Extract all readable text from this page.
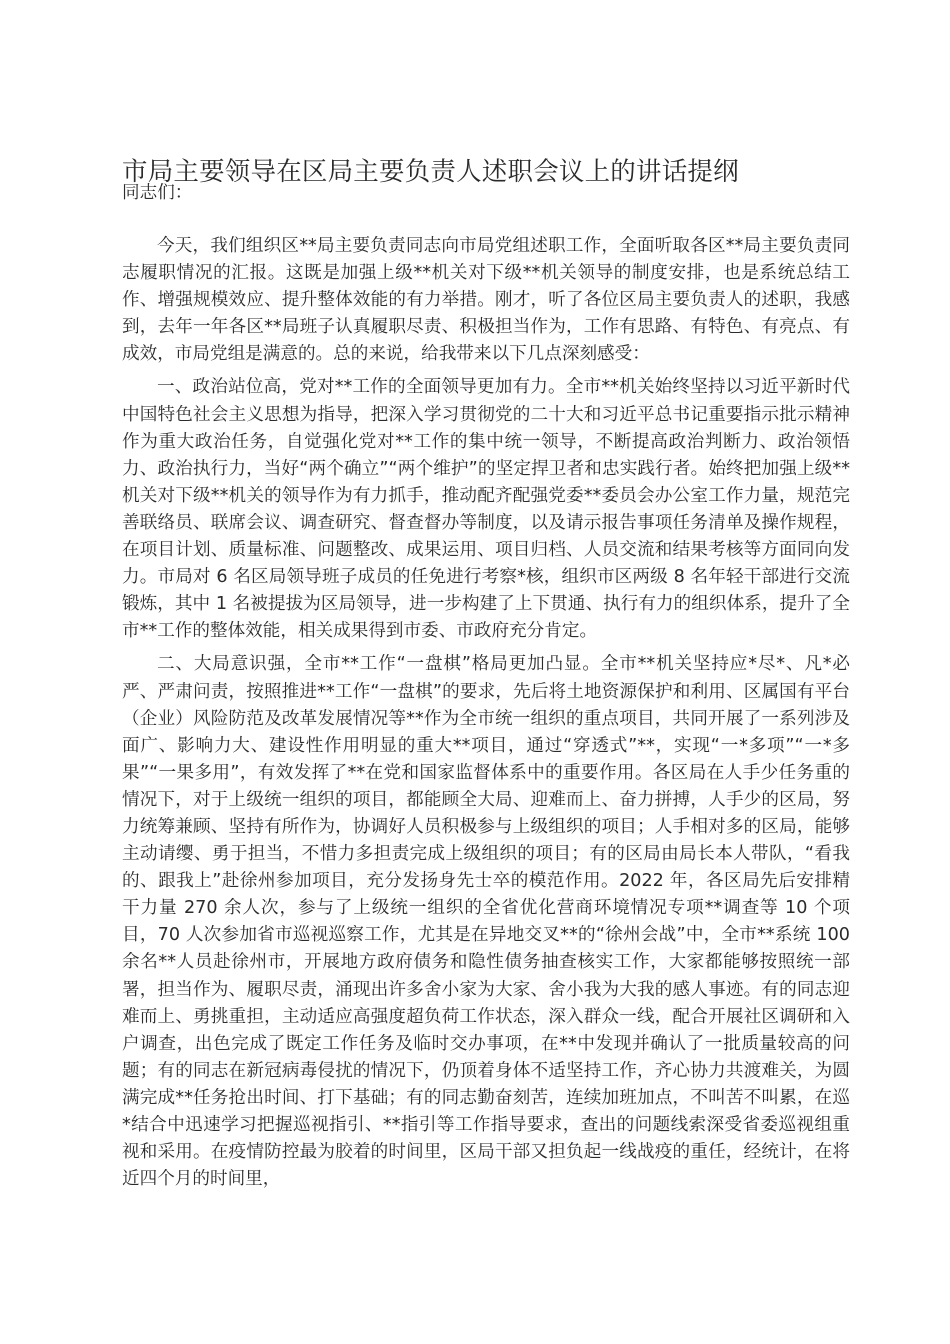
市局主要领导在区局主要负责人述职会议上的讲话提纲
同志们：

今天，我们组织区**局主要负责同志向市局党组述职工作，全面听取各区**局主要负责同志履职情况的汇报。这既是加强上级**机关对下级**机关领导的制度安排，也是系统总结工作、增强规模效应、提升整体效能的有力举措。刚才，听了各位区局主要负责人的述职，我感到，去年一年各区**局班子认真履职尽责、积极担当作为，工作有思路、有特色、有亮点、有成效，市局党组是满意的。总的来说，给我带来以下几点深刻感受：

一、政治站位高，党对**工作的全面领导更加有力。全市**机关始终坚持以习近平新时代中国特色社会主义思想为指导，把深入学习贯彻党的二十大和习近平总书记重要指示批示精神作为重大政治任务，自觉强化党对**工作的集中统一领导，不断提高政治判断力、政治领悟力、政治执行力，当好“两个确立”“两个维护”的坚定捍卫者和忠实践行者。始终把加强上级**机关对下级**机关的领导作为有力抓手，推动配齐配强党委**委员会办公室工作力量，规范完善联络员、联席会议、调查研究、督查督办等制度，以及请示报告事项任务清单及操作规程，在项目计划、质量标准、问题整改、成果运用、项目归档、人员交流和结果考核等方面同向发力。市局对 6 名区局领导班子成员的任免进行考察*核，组织市区两级 8 名年轻干部进行交流锻炼，其中 1 名被提拔为区局领导，进一步构建了上下贯通、执行有力的组织体系，提升了全市**工作的整体效能，相关成果得到市委、市政府充分肯定。

二、大局意识强，全市**工作“一盘棋”格局更加凸显。全市**机关坚持应*尽*、凡*必严、严肃问责，按照推进**工作“一盘棋”的要求，先后将土地资源保护和利用、区属国有平台（企业）风险防范及改革发展情况等**作为全市统一组织的重点项目，共同开展了一系列涉及面广、影响力大、建设性作用明显的重大**项目，通过“穿透式”**，实现“一*多项”“一*多果”“一果多用”，有效发挥了**在党和国家监督体系中的重要作用。各区局在人手少任务重的情况下，对于上级统一组织的项目，都能顾全大局、迎难而上、奋力拼搏，人手少的区局，努力统筹兼顾、坚持有所作为，协调好人员积极参与上级组织的项目；人手相对多的区局，能够主动请缨、勇于担当，不惜力多担责完成上级组织的项目；有的区局由局长本人带队，“看我的、跟我上”赴徐州参加项目，充分发扬身先士卒的模范作用。2022 年，各区局先后安排精干力量 270 余人次，参与了上级统一组织的全省优化营商环境情况专项**调查等 10 个项目，70 人次参加省市巡视巡察工作，尤其是在异地交叉**的“徐州会战”中，全市**系统 100 余名**人员赴徐州市，开展地方政府债务和隐性债务抽查核实工作，大家都能够按照统一部署，担当作为、履职尽责，涌现出许多舍小家为大家、舍小我为大我的感人事迹。有的同志迎难而上、勇挑重担，主动适应高强度超负荷工作状态，深入群众一线，配合开展社区调研和入户调查，出色完成了既定工作任务及临时交办事项，在**中发现并确认了一批质量较高的问题；有的同志在新冠病毒侵扰的情况下，仍顶着身体不适坚持工作，齐心协力共渡难关，为圆满完成**任务抢出时间、打下基础；有的同志勤奋刻苦，连续加班加点，不叫苦不叫累，在巡*结合中迅速学习把握巡视指引、**指引等工作指导要求，查出的问题线索深受省委巡视组重视和采用。在疫情防控最为胶着的时间里，区局干部又担负起一线战疫的重任，经统计，在将近四个月的时间里，
